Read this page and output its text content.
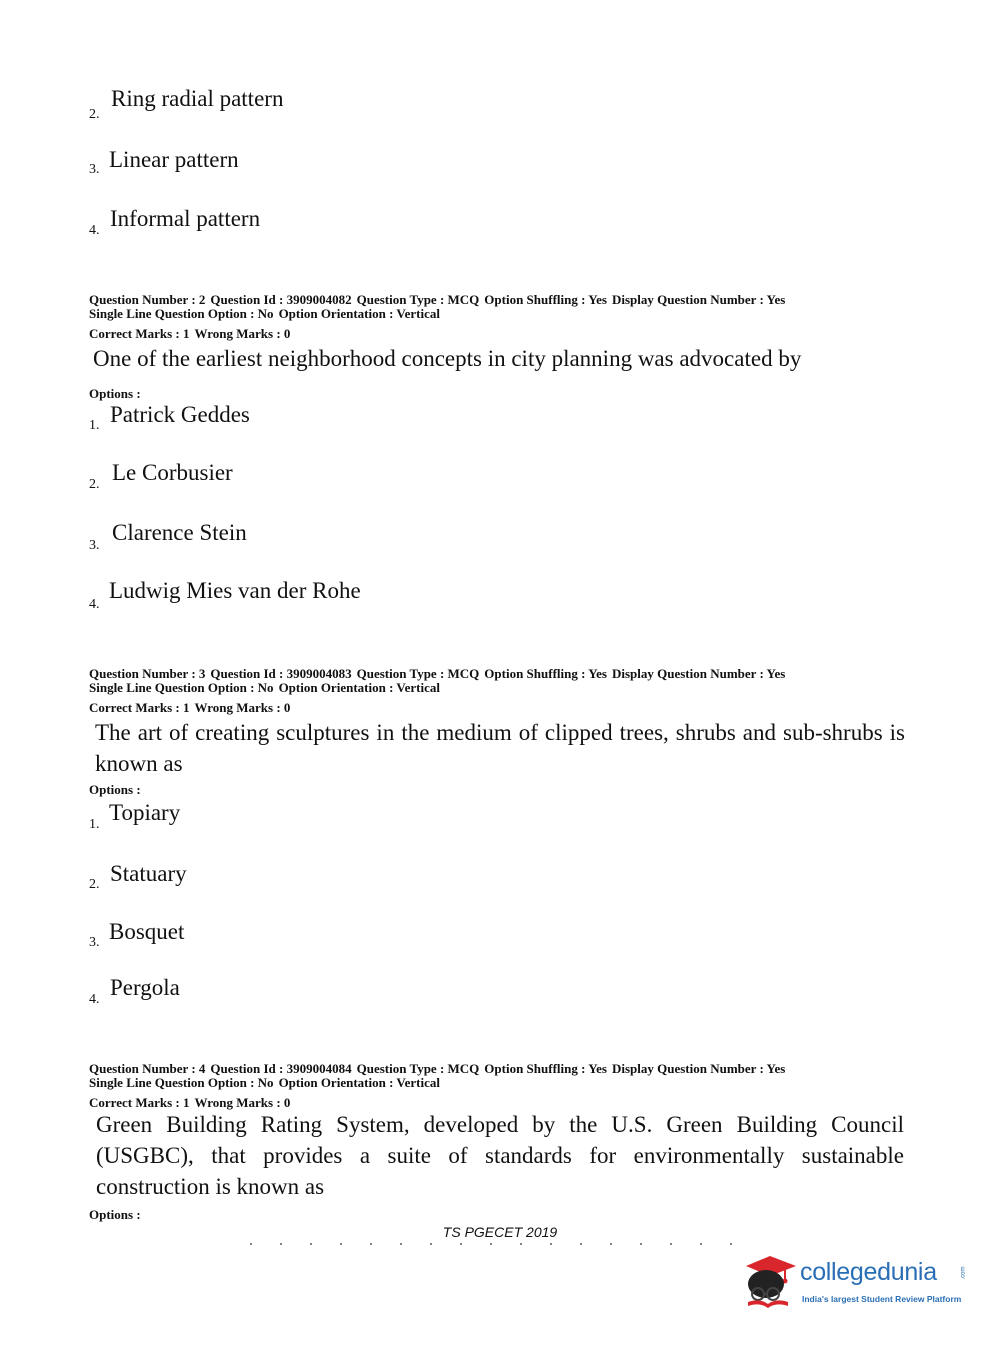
2.
Ring radial pattern
3. Linear pattern
4. Informal pattern
Question Number : 2 Question Id : 3909004082 Question Type : MCQ Option Shuffling : Yes Display Question Number : Yes
Single Line Question Option : No Option Orientation : Vertical
Correct Marks : 1 Wrong Marks : 0
One of the earliest neighborhood concepts in city planning was advocated by
Options :
1. Patrick Geddes
2. Le Corbusier
3.
Clarence Stein
4.
Ludwig Mies van der Rohe
Question Number : 3 Question Id : 3909004083 Question Type : MCQ Option Shuffling : Yes Display Question Number : Yes
Single Line Question Option : No Option Orientation : Vertical
Correct Marks : 1 Wrong Marks : 0
The art of creating sculptures in the medium of clipped trees, shrubs and sub-shrubs is known as
Options :
1. Topiary
2. Statuary
3. Bosquet
4. Pergola
Question Number : 4 Question Id : 3909004084 Question Type : MCQ Option Shuffling : Yes Display Question Number : Yes
Single Line Question Option : No Option Orientation : Vertical
Correct Marks : 1 Wrong Marks : 0
Green Building Rating System, developed by the U.S. Green Building Council (USGBC), that provides a suite of standards for environmentally sustainable construction is known as
Options :
TS PGECET 2019
collegedunia	.com
India's largest Student Review Platform
